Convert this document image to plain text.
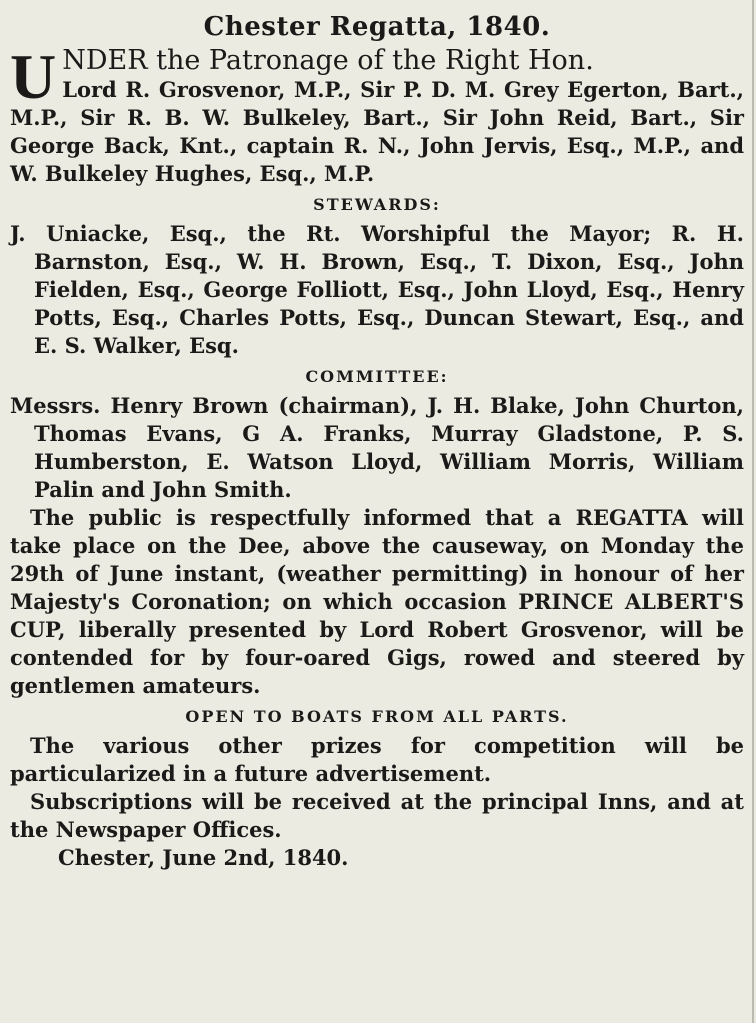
Chester Regatta, 1840.
U NDER the Patronage of the Right Hon.

Lord R. Grosvenor, M.P., Sir P. D. M. Grey Egerton, Bart., M.P., Sir R. B. W. Bulkeley, Bart., Sir John Reid, Bart., Sir George Back, Knt., captain R. N., John Jervis, Esq., M.P., and W. Bulkeley Hughes, Esq., M.P.

STEWARDS:

J. Uniacke, Esq., the Rt. Worshipful the Mayor; R. H. Barnston, Esq., W. H. Brown, Esq., T. Dixon, Esq., John Fielden, Esq., George Folliott, Esq., John Lloyd, Esq., Henry Potts, Esq., Charles Potts, Esq., Duncan Stewart, Esq., and E. S. Walker, Esq.

COMMITTEE:

Messrs. Henry Brown (chairman), J. H. Blake, John Churton, Thomas Evans, G A. Franks, Murray Gladstone, P. S. Humberston, E. Watson Lloyd, William Morris, William Palin and John Smith.

The public is respectfully informed that a REGATTA will take place on the Dee, above the causeway, on Monday the 29th of June instant, (weather permitting) in honour of her Majesty's Coronation; on which occasion PRINCE ALBERT'S CUP, liberally presented by Lord Robert Grosvenor, will be contended for by four-oared Gigs, rowed and steered by gentlemen amateurs.

OPEN TO BOATS FROM ALL PARTS.

The various other prizes for competition will be particularized in a future advertisement.

Subscriptions will be received at the principal Inns, and at the Newspaper Offices.

Chester, June 2nd, 1840.
